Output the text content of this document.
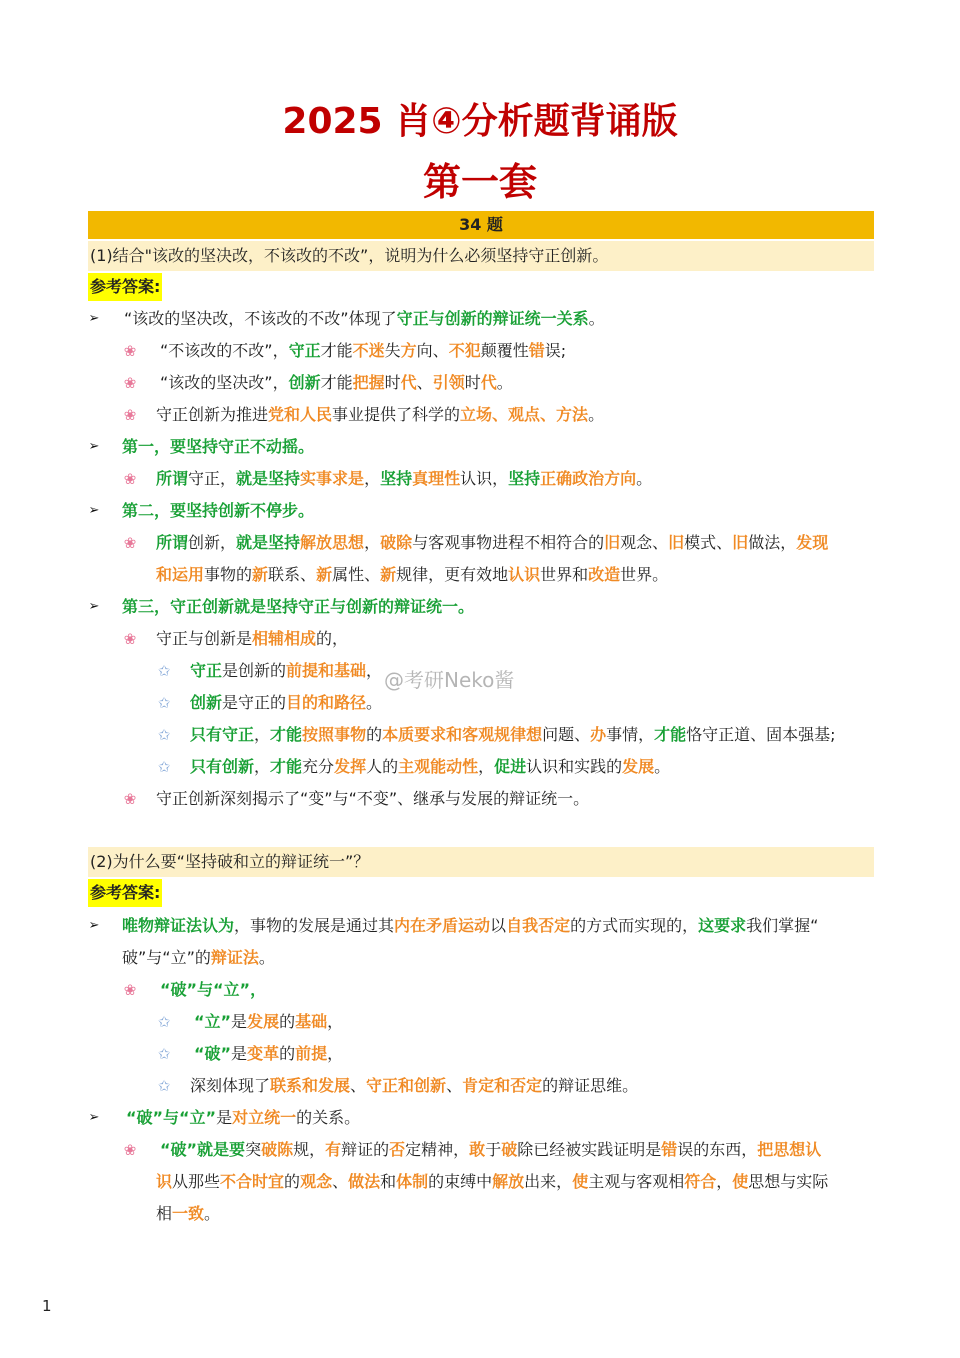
2025 肖④分析题背诵版
第一套
34 题
(1)结合"该改的坚决改，不该改的不改”，说明为什么必须坚持守正创新。
参考答案:
➢ “该改的坚决改，不该改的不改”体现了守正与创新的辩证统一关系。
❀ “不该改的不改”，守正才能不迷失方向、不犯颠覆性错误;
❀ “该改的坚决改”，创新才能把握时代、引领时代。
❀ 守正创新为推进党和人民事业提供了科学的立场、观点、方法。
➢ 第一，要坚持守正不动摇。
❀ 所谓守正，就是坚持实事求是，坚持真理性认识，坚持正确政治方向。
➢ 第二，要坚持创新不停步。
❀ 所谓创新，就是坚持解放思想，破除与客观事物进程不相符合的旧观念、旧模式、旧做法，发现
和运用事物的新联系、新属性、新规律，更有效地认识世界和改造世界。
➢ 第三，守正创新就是坚持守正与创新的辩证统一。
❀ 守正与创新是相辅相成的，
✩ 守正是创新的前提和基础，
✩ 创新是守正的目的和路径。
✩ 只有守正，才能按照事物的本质要求和客观规律想问题、办事情，才能恪守正道、固本强基;
✩ 只有创新，才能充分发挥人的主观能动性，促进认识和实践的发展。
❀ 守正创新深刻揭示了“变”与“不变”、继承与发展的辩证统一。
(2)为什么要“坚持破和立的辩证统一”？
参考答案:
➢ 唯物辩证法认为，事物的发展是通过其内在矛盾运动以自我否定的方式而实现的，这要求我们掌握“
破”与“立”的辩证法。
❀ “破”与“立”，
✩ “立”是发展的基础，
✩ “破”是变革的前提，
✩ 深刻体现了联系和发展、守正和创新、肯定和否定的辩证思维。
➢ “破”与“立”是对立统一的关系。
❀ “破”就是要突破陈规，有辩证的否定精神，敢于破除已经被实践证明是错误的东西，把思想认
识从那些不合时宜的观念、做法和体制的束缚中解放出来，使主观与客观相符合，使思想与实际
相一致。
@考研Neko酱
1
